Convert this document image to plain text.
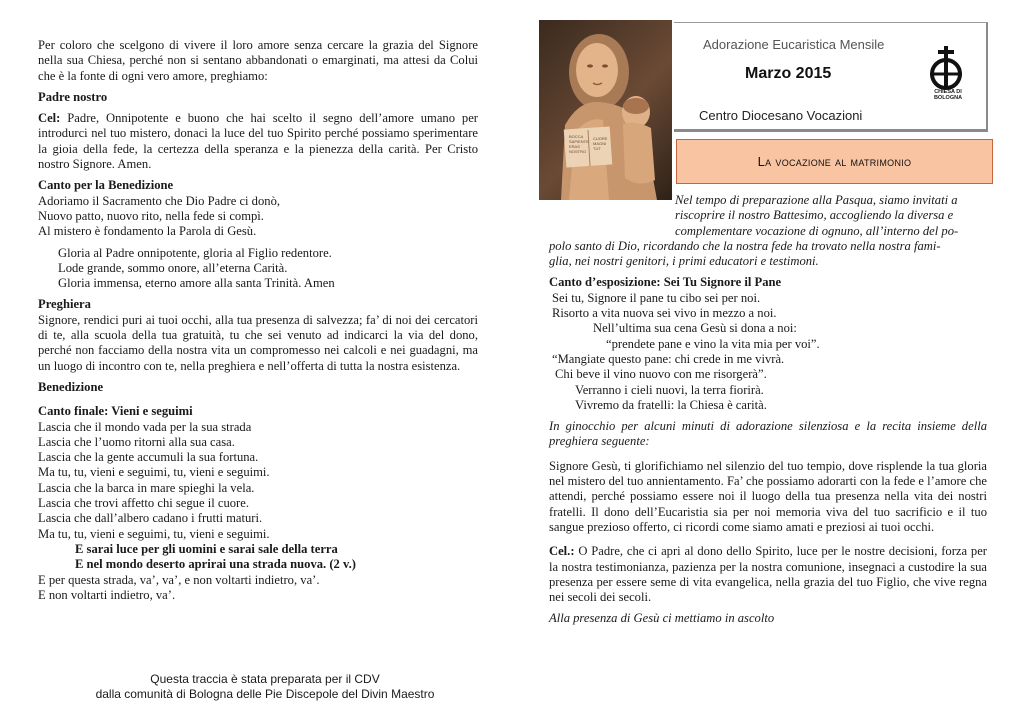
Per coloro che scelgono di vivere il loro amore senza cercare la grazia del Signore nella sua Chiesa, perché non si sentano abbandonati o emarginati, ma attesi da Colui che è la fonte di ogni vero amore, preghiamo:

Padre nostro

Cel: Padre, Onnipotente e buono che hai scelto il segno dell’amore umano per introdurci nel tuo mistero, donaci la luce del tuo Spirito perché possiamo sperimentare la gioia della fede, la certezza della speranza e la pienezza della carità. Per Cristo nostro Signore. Amen.

Canto per la Benedizione

Adoriamo il Sacramento che Dio Padre ci donò,

Nuovo patto, nuovo rito, nella fede si compì.

Al mistero è fondamento la Parola di Gesù.

Gloria al Padre onnipotente, gloria al Figlio redentore.

Lode grande, sommo onore, all’eterna Carità.

Gloria immensa, eterno amore alla santa Trinità. Amen

Preghiera

Signore, rendici puri ai tuoi occhi, alla tua presenza di salvezza; fa’ di noi dei cercatori di te, alla scuola della tua gratuità, tu che sei venuto ad indicarci la via del dono, perché non facciamo della nostra vita un compromesso nei calcoli e nei guadagni, ma un luogo di incontro con te, nella preghiera e nell’offerta di tutta la nostra esistenza.

Benedizione

Canto finale: Vieni e seguimi

Lascia che il mondo vada per la sua strada

Lascia che l’uomo ritorni alla sua casa.

Lascia che la gente accumuli la sua fortuna.

Ma tu, tu, vieni e seguimi, tu, vieni e seguimi.

Lascia che la barca in mare spieghi la vela.

Lascia che trovi affetto chi segue il cuore.

Lascia che dall’albero cadano i frutti maturi.

Ma tu, tu, vieni e seguimi, tu, vieni e seguimi.

E sarai luce per gli uomini e sarai sale della terra

E nel mondo deserto aprirai una strada nuova. (2 v.)

E per questa strada, va’, va’, e non voltarti indietro, va’.

E non voltarti indietro, va’.

Questa traccia è stata preparata per il CDV

dalla comunità di Bologna delle Pie Discepole del Divin Maestro

BOCCA
SAPIENTE
ERAS
NOSTRO
CUORE
MAGNI
TUT
Adorazione Eucaristica Mensile
Marzo 2015
Centro Diocesano Vocazioni
CHIESA DI BOLOGNA
La vocazione al matrimonio

Nel tempo di preparazione alla Pasqua, siamo invitati a

riscoprire il nostro Battesimo, accogliendo la diversa e

complementare vocazione di ognuno, all’interno del po-

polo santo di Dio, ricordando che la nostra fede ha trovato nella nostra fami-

glia, nei nostri genitori, i primi educatori e testimoni.

Canto d’esposizione: Sei Tu Signore il Pane

Sei tu, Signore il pane tu cibo sei per noi.

Risorto a vita nuova sei vivo in mezzo a noi.

Nell’ultima sua cena Gesù si dona a noi:

“prendete pane e vino la vita mia per voi”.

“Mangiate questo pane: chi crede in me vivrà.

Chi beve il vino nuovo con me risorgerà”.

Verranno i cieli nuovi, la terra fiorirà.

Vivremo da fratelli: la Chiesa è carità.

In ginocchio per alcuni minuti di adorazione silenziosa e la recita insieme della preghiera seguente:

Signore Gesù, ti glorifichiamo nel silenzio del tuo tempio, dove risplende la tua gloria nel mistero del tuo annientamento. Fa’ che possiamo adorarti con la fede e l’amore che attendi, perché possiamo essere noi il luogo della tua presenza nella vita dei nostri fratelli. Il dono dell’Eucaristia sia per noi memoria viva del tuo sacrificio e il tuo sangue prezioso offerto, ci ricordi come siamo amati e preziosi ai tuoi occhi.

Cel.: O Padre, che ci apri al dono dello Spirito, luce per le nostre decisioni, forza per la nostra testimonianza, pazienza per la nostra comunione, insegnaci a custodire la sua presenza per essere seme di vita evangelica, nella grazia del tuo Figlio, che vive regna nei secoli dei secoli.

Alla presenza di Gesù ci mettiamo in ascolto
